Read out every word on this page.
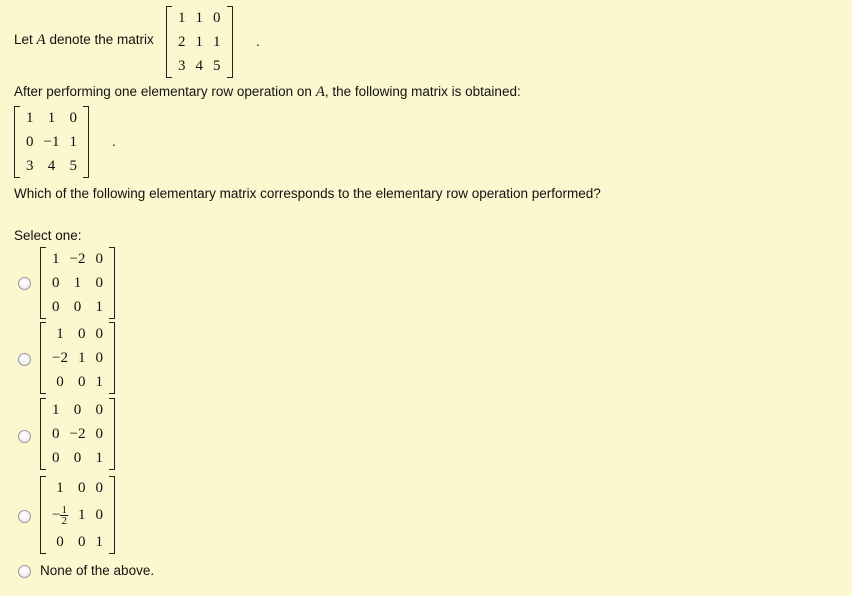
Let A denote the matrix
1	1	0
2	1	1
3	4	5
.
After performing one elementary row operation on A, the following matrix is obtained:
1	1	0
0	−1	1
3	4	5
.
Which of the following elementary matrix corresponds to the elementary row operation performed?
Select one:
1	−2	0
0	1	0
0	0	1
1	0	0
−2	1	0
0	0	1
1	0	0
0	−2	0
0	0	1
1	0	0
− $\frac{1}{2}$	1	0
0	0	1
None of the above.
